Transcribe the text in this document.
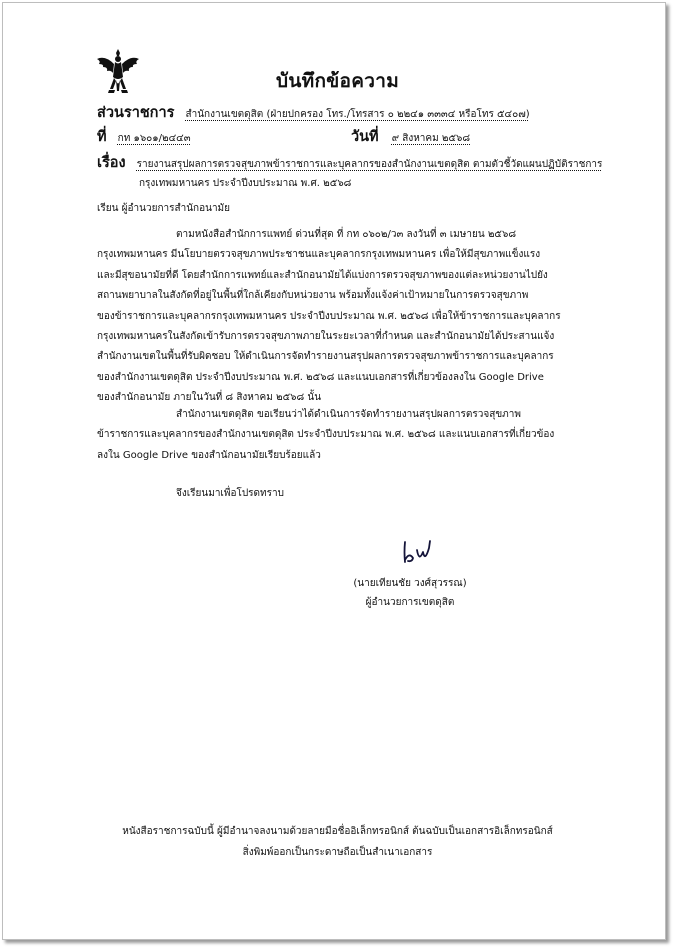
บันทึกข้อความ
ส่วนราชการ สำนักงานเขตดุสิต (ฝ่ายปกครอง โทร./โทรสาร ๐ ๒๒๔๑ ๓๓๓๔ หรือโทร ๕๔๐๗)
ที่ กท ๑๖๐๑/๒๔๔๓	วันที่ ๙ สิงหาคม ๒๕๖๘
เรื่อง รายงานสรุปผลการตรวจสุขภาพข้าราชการและบุคลากรของสำนักงานเขตดุสิต ตามตัวชี้วัดแผนปฏิบัติราชการ
กรุงเทพมหานคร ประจำปีงบประมาณ พ.ศ. ๒๕๖๘
เรียน ผู้อำนวยการสำนักอนามัย
ตามหนังสือสำนักการแพทย์ ด่วนที่สุด ที่ กท ๐๖๐๒/ว๓ ลงวันที่ ๓ เมษายน ๒๕๖๘
กรุงเทพมหานคร มีนโยบายตรวจสุขภาพประชาชนและบุคลากรกรุงเทพมหานคร เพื่อให้มีสุขภาพแข็งแรง
และมีสุขอนามัยที่ดี โดยสำนักการแพทย์และสำนักอนามัยได้แบ่งการตรวจสุขภาพของแต่ละหน่วยงานไปยัง
สถานพยาบาลในสังกัดที่อยู่ในพื้นที่ใกล้เคียงกับหน่วยงาน พร้อมทั้งแจ้งค่าเป้าหมายในการตรวจสุขภาพ
ของข้าราชการและบุคลากรกรุงเทพมหานคร ประจำปีงบประมาณ พ.ศ. ๒๕๖๘ เพื่อให้ข้าราชการและบุคลากร
กรุงเทพมหานครในสังกัดเข้ารับการตรวจสุขภาพภายในระยะเวลาที่กำหนด และสำนักอนามัยได้ประสานแจ้ง
สำนักงานเขตในพื้นที่รับผิดชอบ ให้ดำเนินการจัดทำรายงานสรุปผลการตรวจสุขภาพข้าราชการและบุคลากร
ของสำนักงานเขตดุสิต ประจำปีงบประมาณ พ.ศ. ๒๕๖๘ และแนบเอกสารที่เกี่ยวข้องลงใน Google Drive
ของสำนักอนามัย ภายในวันที่ ๘ สิงหาคม ๒๕๖๘ นั้น
สำนักงานเขตดุสิต ขอเรียนว่าได้ดำเนินการจัดทำรายงานสรุปผลการตรวจสุขภาพ
ข้าราชการและบุคลากรของสำนักงานเขตดุสิต ประจำปีงบประมาณ พ.ศ. ๒๕๖๘ และแนบเอกสารที่เกี่ยวข้อง
ลงใน Google Drive ของสำนักอนามัยเรียบร้อยแล้ว
จึงเรียนมาเพื่อโปรดทราบ
(นายเทียนชัย วงศ์สุวรรณ)
ผู้อำนวยการเขตดุสิต
หนังสือราชการฉบับนี้ ผู้มีอำนาจลงนามด้วยลายมือชื่ออิเล็กทรอนิกส์ ต้นฉบับเป็นเอกสารอิเล็กทรอนิกส์
สิ่งพิมพ์ออกเป็นกระดาษถือเป็นสำเนาเอกสาร
